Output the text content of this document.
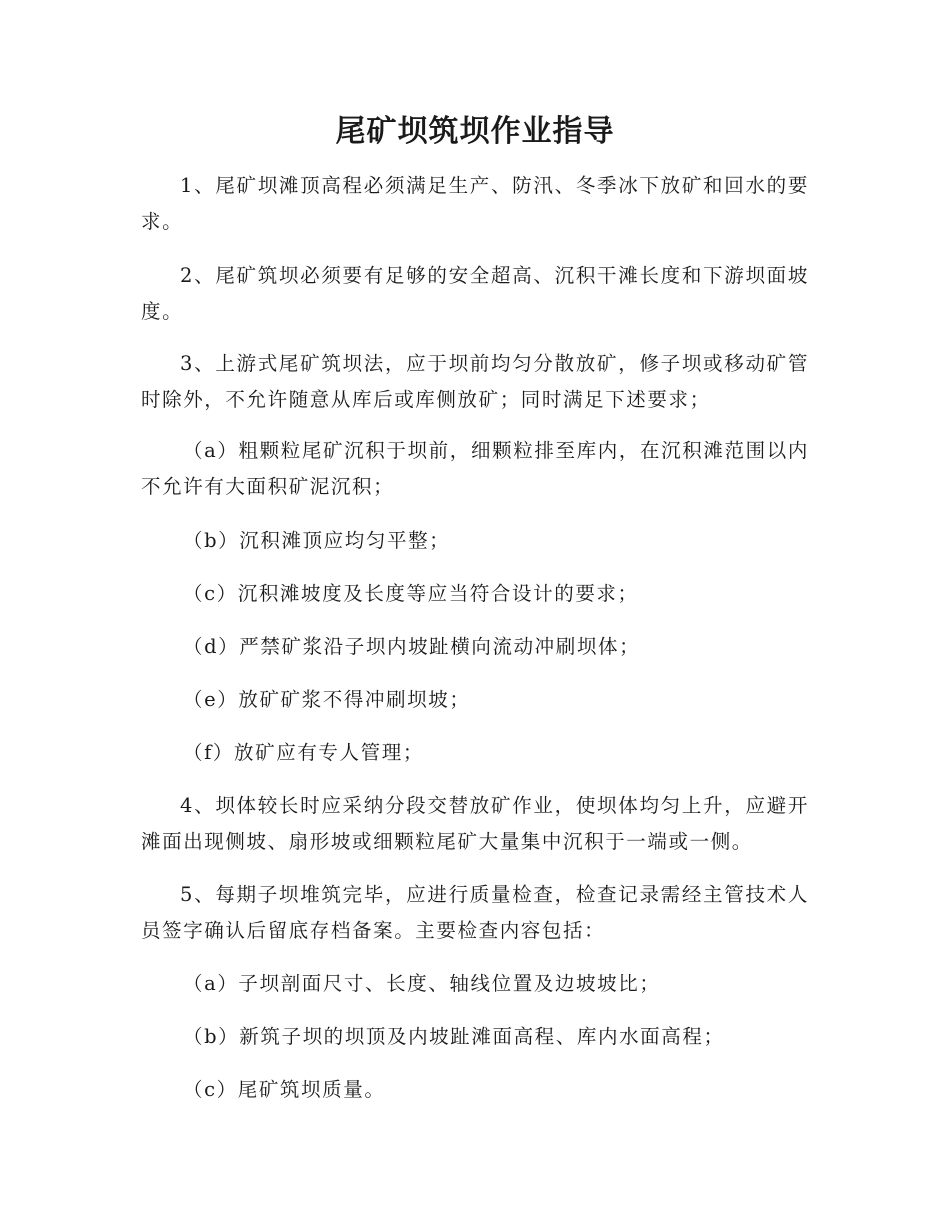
尾矿坝筑坝作业指导

1、尾矿坝滩顶高程必须满足生产、防汛、冬季冰下放矿和回水的要求。

2、尾矿筑坝必须要有足够的安全超高、沉积干滩长度和下游坝面坡度。

3、上游式尾矿筑坝法，应于坝前均匀分散放矿，修子坝或移动矿管时除外，不允许随意从库后或库侧放矿；同时满足下述要求；

（a）粗颗粒尾矿沉积于坝前，细颗粒排至库内，在沉积滩范围以内不允许有大面积矿泥沉积；

（b）沉积滩顶应均匀平整；

（c）沉积滩坡度及长度等应当符合设计的要求；

（d）严禁矿浆沿子坝内坡趾横向流动冲刷坝体；

（e）放矿矿浆不得冲刷坝坡；

（f）放矿应有专人管理；

4、坝体较长时应采纳分段交替放矿作业，使坝体均匀上升，应避开滩面出现侧坡、扇形坡或细颗粒尾矿大量集中沉积于一端或一侧。

5、每期子坝堆筑完毕，应进行质量检查，检查记录需经主管技术人员签字确认后留底存档备案。主要检查内容包括：

（a）子坝剖面尺寸、长度、轴线位置及边坡坡比；

（b）新筑子坝的坝顶及内坡趾滩面高程、库内水面高程；

（c）尾矿筑坝质量。
